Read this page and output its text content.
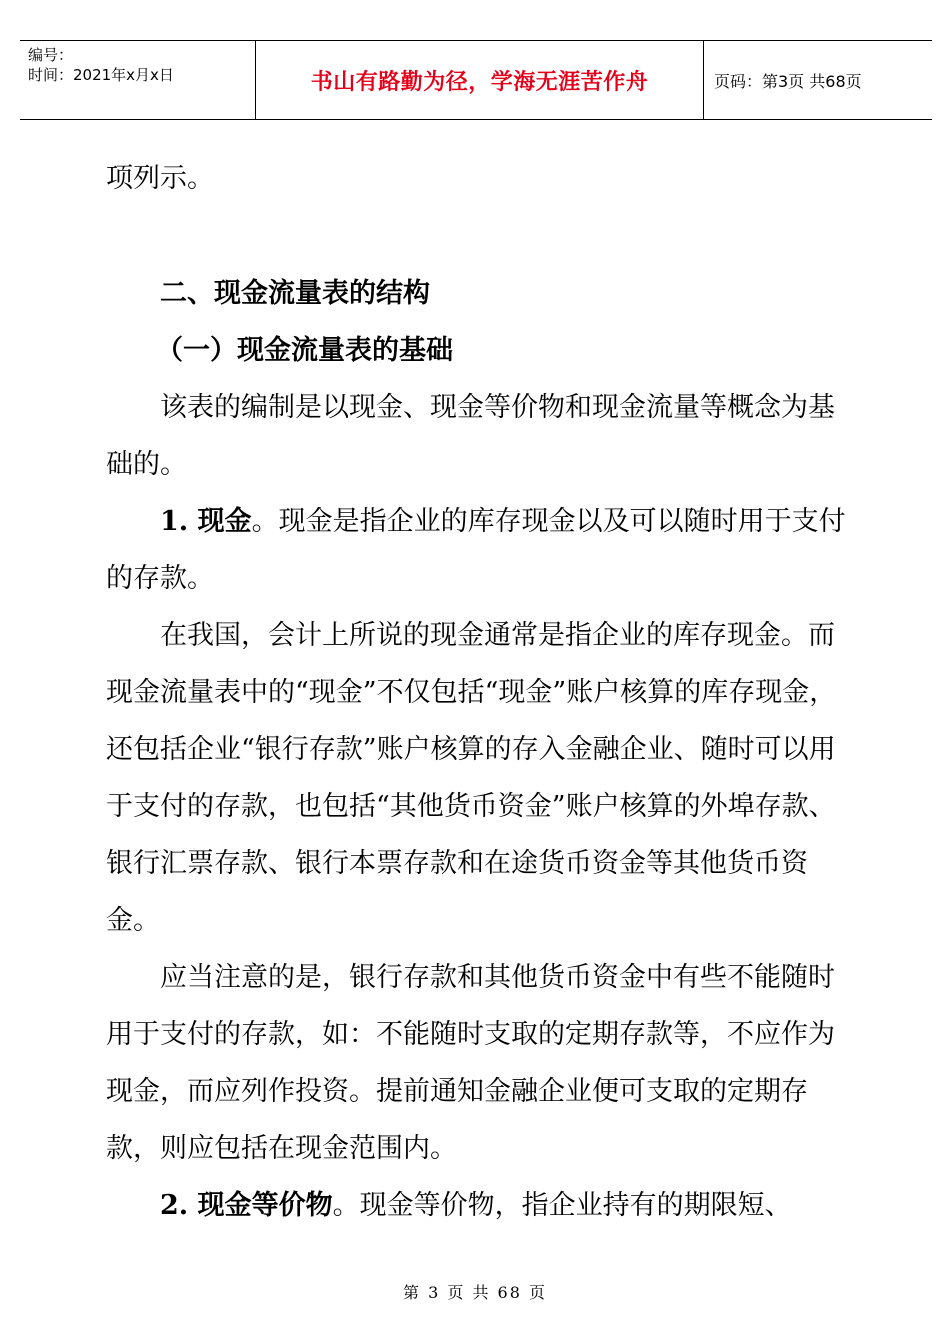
编号：
时间：2021年x月x日	书山有路勤为径，学海无涯苦作舟	页码：第3页 共68页

项列示。

二、现金流量表的结构

（一）现金流量表的基础

该表的编制是以现金、现金等价物和现金流量等概念为基础的。

1. 现金。现金是指企业的库存现金以及可以随时用于支付的存款。

在我国，会计上所说的现金通常是指企业的库存现金。而现金流量表中的“现金”不仅包括“现金”账户核算的库存现金，还包括企业“银行存款”账户核算的存入金融企业、随时可以用于支付的存款，也包括“其他货币资金”账户核算的外埠存款、银行汇票存款、银行本票存款和在途货币资金等其他货币资金。

应当注意的是，银行存款和其他货币资金中有些不能随时用于支付的存款，如：不能随时支取的定期存款等，不应作为现金，而应列作投资。提前通知金融企业便可支取的定期存款，则应包括在现金范围内。

2. 现金等价物。现金等价物，指企业持有的期限短、

第 3 页 共 68 页
